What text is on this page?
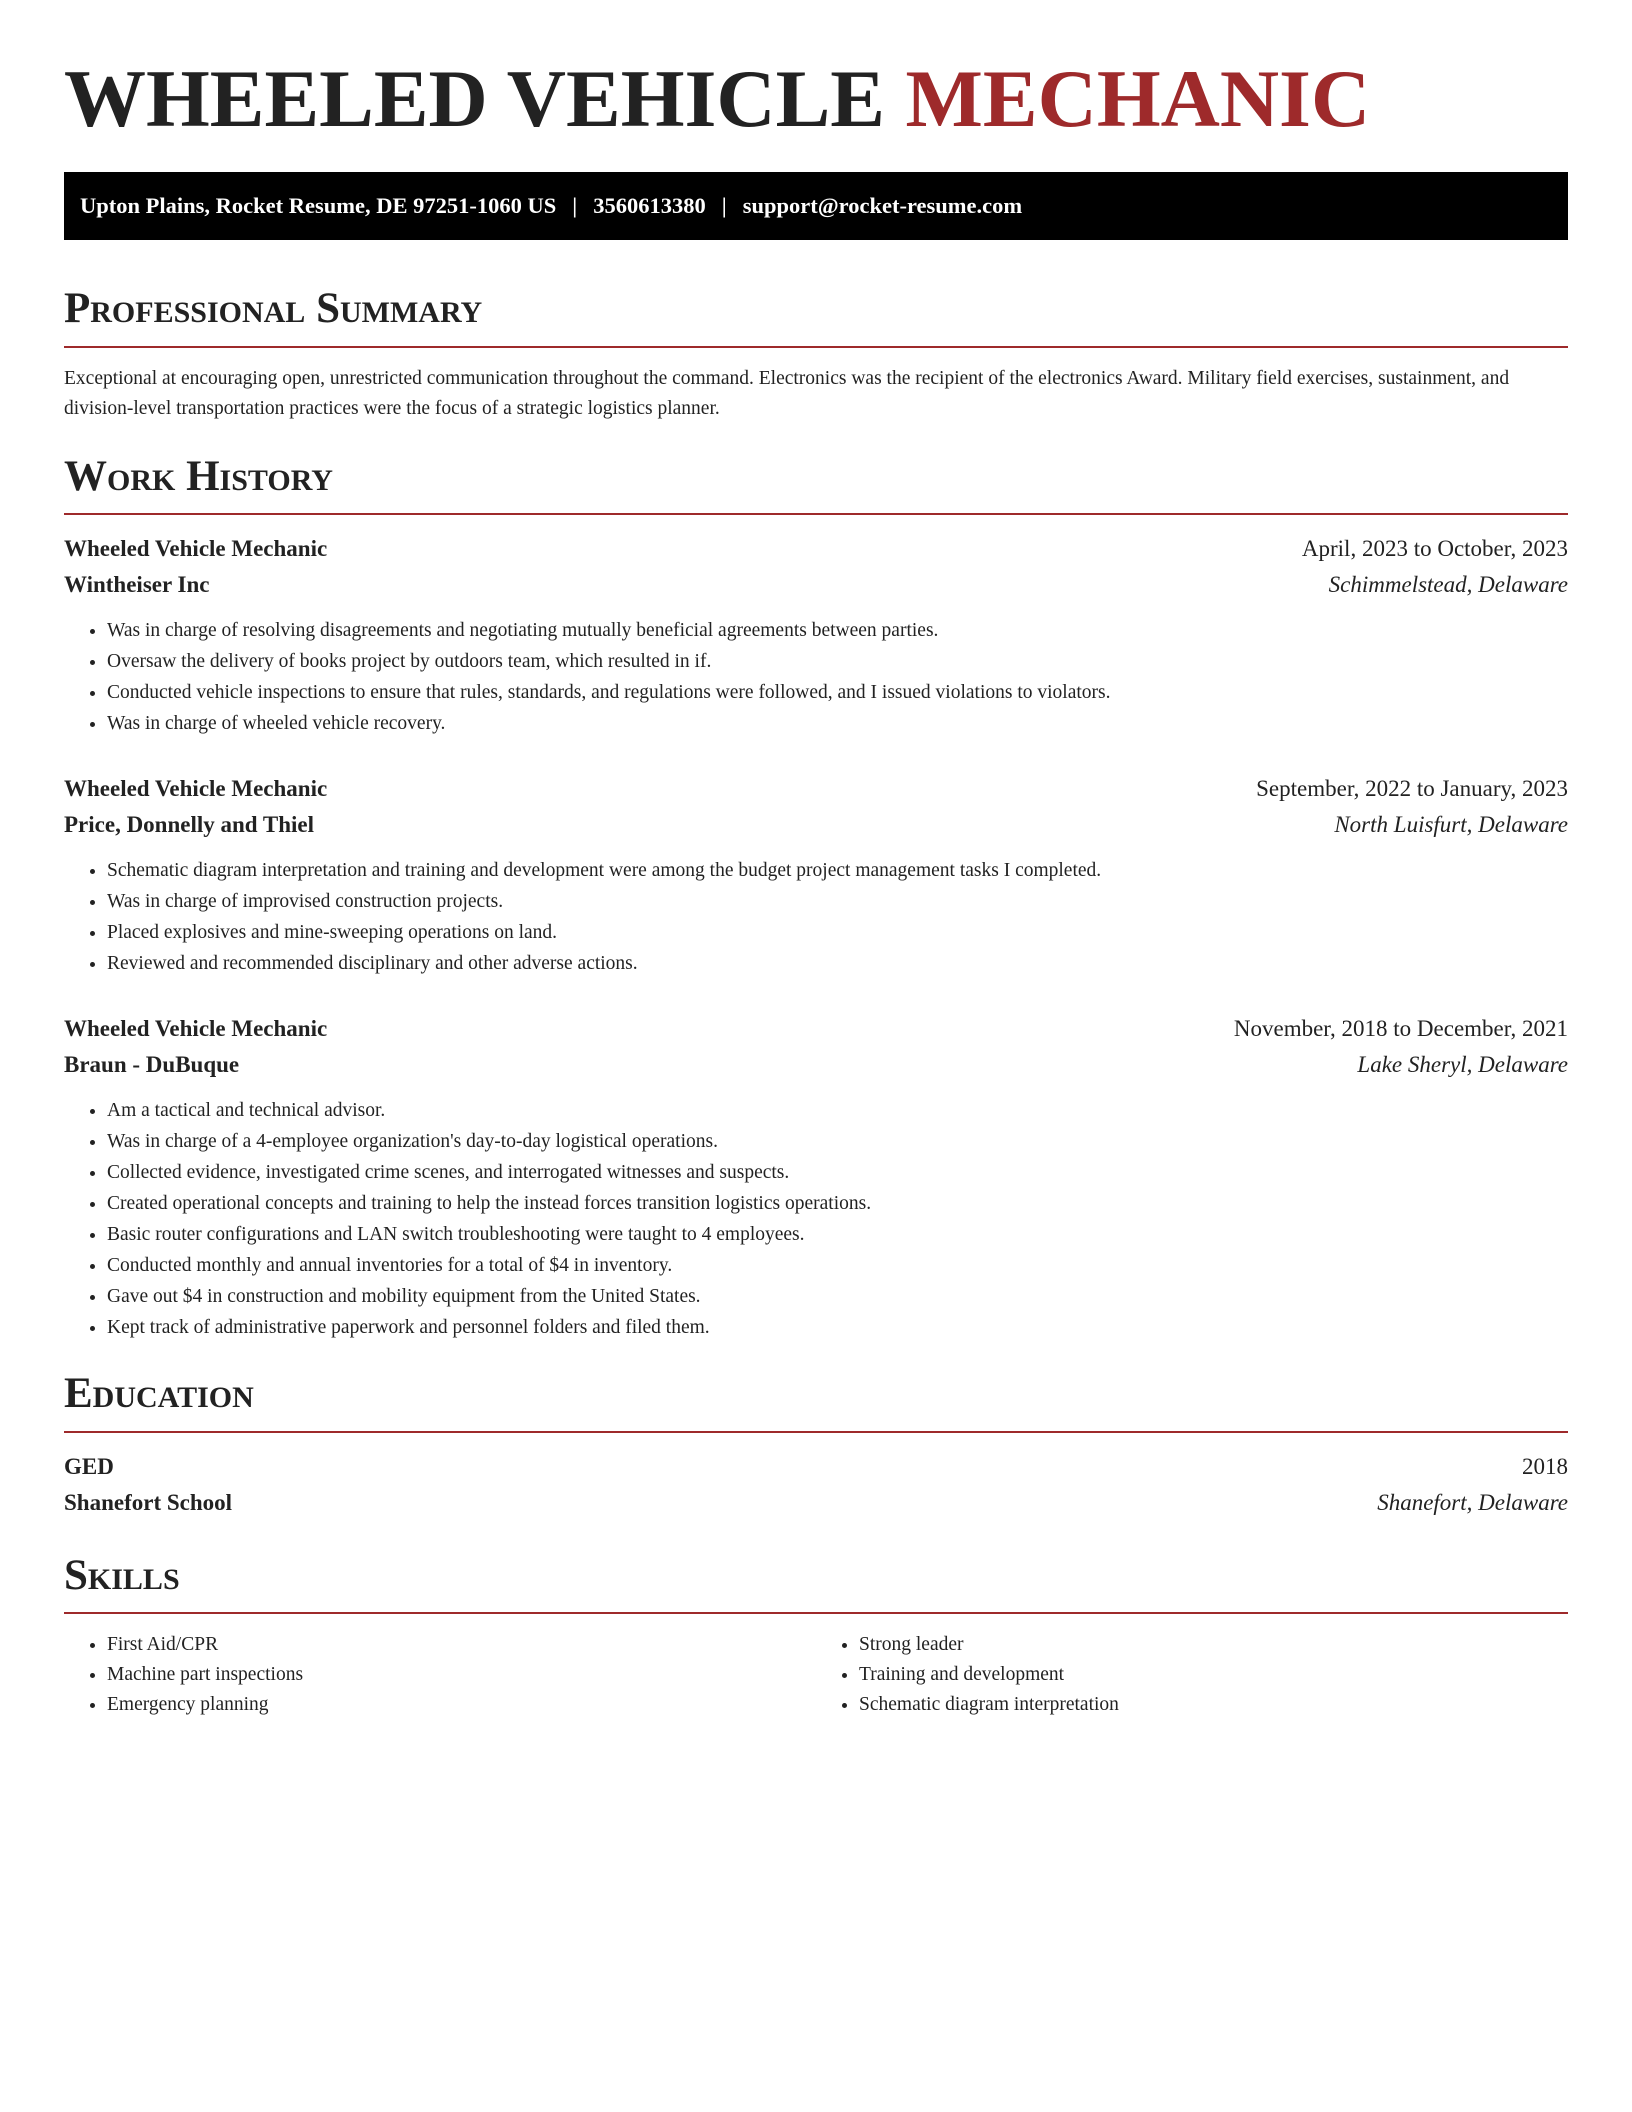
WHEELED VEHICLE MECHANIC
Upton Plains, Rocket Resume, DE 97251-1060 US | 3560613380 | support@rocket-resume.com
Professional Summary

Exceptional at encouraging open, unrestricted communication throughout the command. Electronics was the recipient of the electronics Award. Military field exercises, sustainment, and division-level transportation practices were the focus of a strategic logistics planner.

Work History
Wheeled Vehicle Mechanic	April, 2023 to October, 2023
Wintheiser Inc	Schimmelstead, Delaware
• Was in charge of resolving disagreements and negotiating mutually beneficial agreements between parties.
• Oversaw the delivery of books project by outdoors team, which resulted in if.
• Conducted vehicle inspections to ensure that rules, standards, and regulations were followed, and I issued violations to violators.
• Was in charge of wheeled vehicle recovery.
Wheeled Vehicle Mechanic	September, 2022 to January, 2023
Price, Donnelly and Thiel	North Luisfurt, Delaware
• Schematic diagram interpretation and training and development were among the budget project management tasks I completed.
• Was in charge of improvised construction projects.
• Placed explosives and mine-sweeping operations on land.
• Reviewed and recommended disciplinary and other adverse actions.
Wheeled Vehicle Mechanic	November, 2018 to December, 2021
Braun - DuBuque	Lake Sheryl, Delaware
• Am a tactical and technical advisor.
• Was in charge of a 4-employee organization's day-to-day logistical operations.
• Collected evidence, investigated crime scenes, and interrogated witnesses and suspects.
• Created operational concepts and training to help the instead forces transition logistics operations.
• Basic router configurations and LAN switch troubleshooting were taught to 4 employees.
• Conducted monthly and annual inventories for a total of $4 in inventory.
• Gave out $4 in construction and mobility equipment from the United States.
• Kept track of administrative paperwork and personnel folders and filed them.
Education
GED	2018
Shanefort School	Shanefort, Delaware
Skills
• First Aid/CPR
• Machine part inspections
• Emergency planning
• Strong leader
• Training and development
• Schematic diagram interpretation
